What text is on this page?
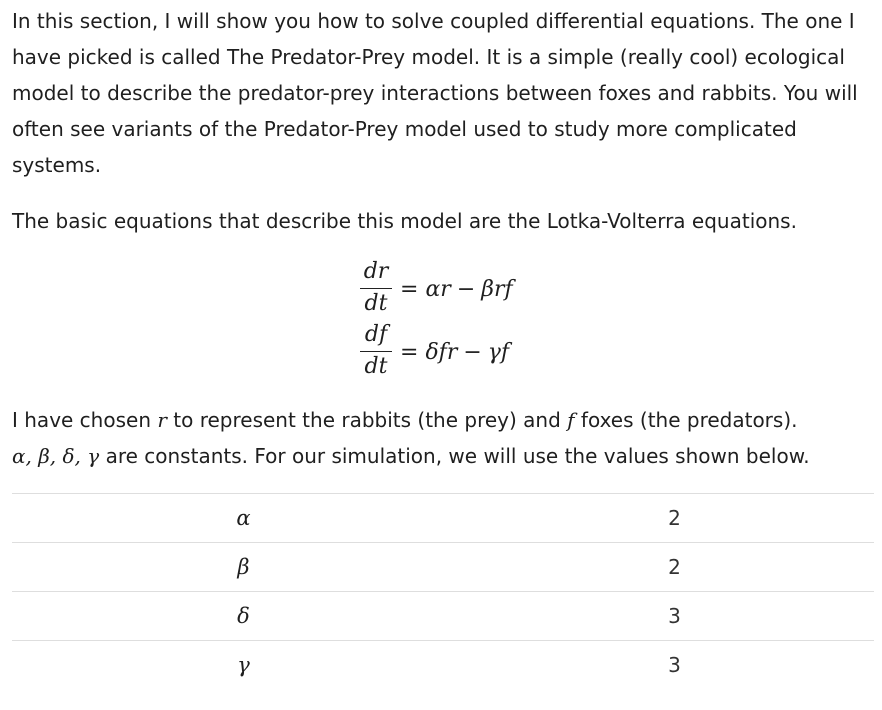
In this section, I will show you how to solve coupled differential equations. The one I have picked is called The Predator-Prey model. It is a simple (really cool) ecological model to describe the predator-prey interactions between foxes and rabbits. You will often see variants of the Predator-Prey model used to study more complicated systems.

The basic equations that describe this model are the Lotka-Volterra equations.

dr
dt
= αr − βrf
df
dt
= δfr − γf

I have chosen r to represent the rabbits (the prey) and f foxes (the predators).
α, β, δ, γ are constants. For our simulation, we will use the values shown below.

α	2
β	2
δ	3
γ	3
